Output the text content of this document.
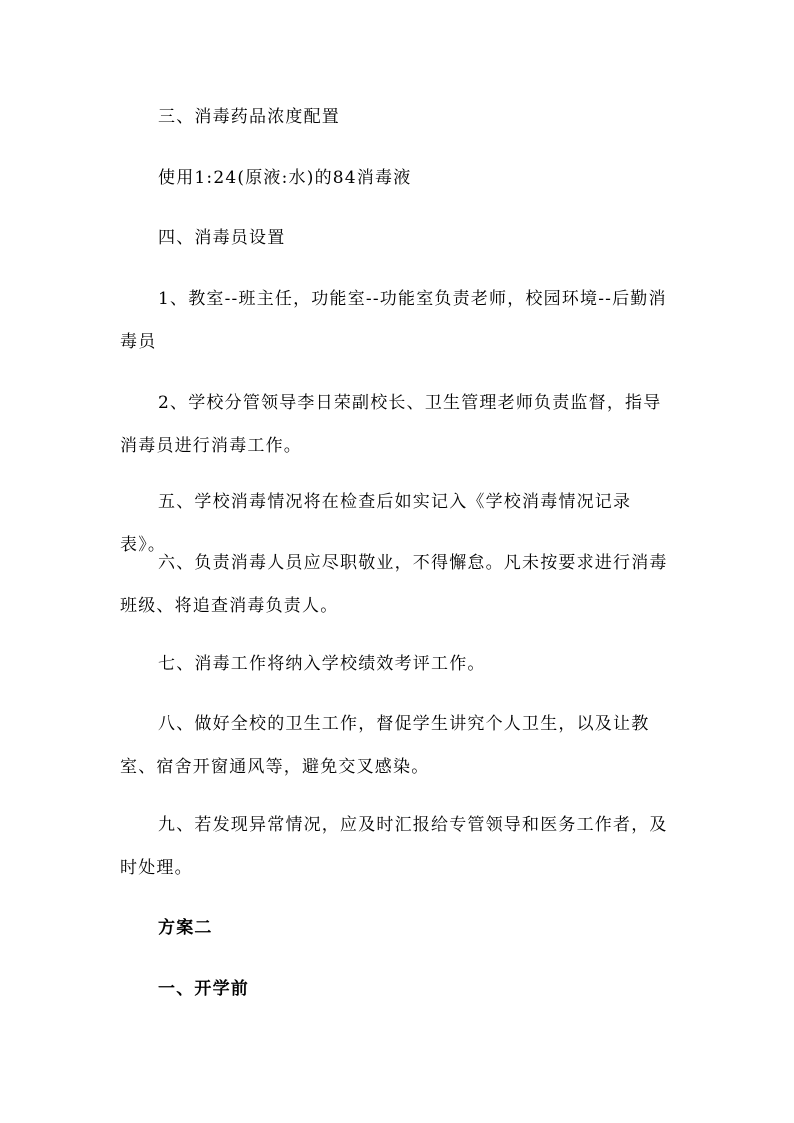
三、消毒药品浓度配置

使用1:24(原液:水)的84消毒液

四、消毒员设置

1、教室--班主任，功能室--功能室负责老师，校园环境--后勤消毒员

2、学校分管领导李日荣副校长、卫生管理老师负责监督，指导消毒员进行消毒工作。

五、学校消毒情况将在检查后如实记入《学校消毒情况记录表》。

六、负责消毒人员应尽职敬业，不得懈怠。凡未按要求进行消毒班级、将追查消毒负责人。

七、消毒工作将纳入学校绩效考评工作。

八、做好全校的卫生工作，督促学生讲究个人卫生，以及让教室、宿舍开窗通风等，避免交叉感染。

九、若发现异常情况，应及时汇报给专管领导和医务工作者，及时处理。

方案二

一、开学前
